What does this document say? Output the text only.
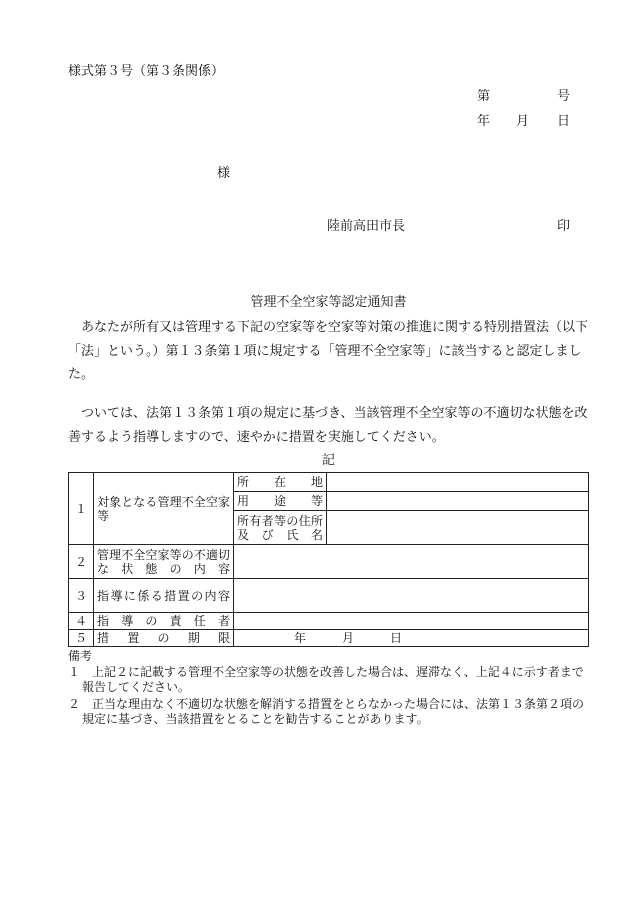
様式第３号（第３条関係）
第	号
年 月 日
様
陸前高田市長	印
管理不全空家等認定通知書
　あなたが所有又は管理する下記の空家等を空家等対策の推進に関する特別措置法（以下「法」という。）第１３条第１項に規定する「管理不全空家等」に該当すると認定しました。
　ついては、法第１３条第１項の規定に基づき、当該管理不全空家等の不適切な状態を改善するよう指導しますので、速やかに措置を実施してください。
記
１	対象となる管理不全空家等	所在地	
		用途等	
		所有者等の住所及び氏名	
２	管理不全空家等の不適切な状態の内容		
３	指導に係る措置の内容		
４	指導の責任者		
５	措置の期限	年　　　月　　　日	
備考
１　上記２に記載する管理不全空家等の状態を改善した場合は、遅滞なく、上記４に示す者まで報告してください。
２　正当な理由なく不適切な状態を解消する措置をとらなかった場合には、法第１３条第２項の規定に基づき、当該措置をとることを勧告することがあります。
